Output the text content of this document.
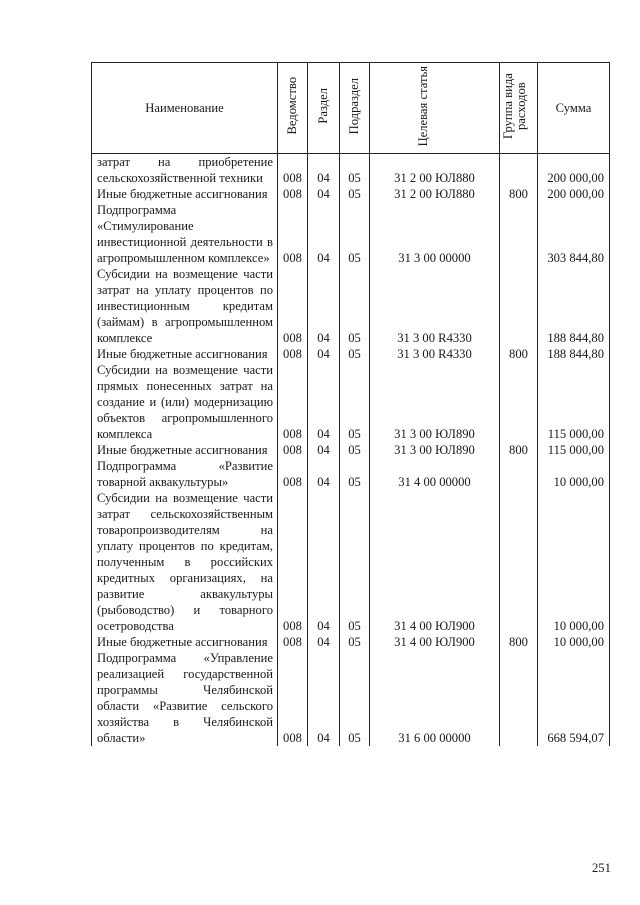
Наименование	Ведомство	Раздел	Подраздел	Целевая статья	Группа вида расходов	Сумма
затрат на приобретение сельскохозяйственной техники	008	04	05	31 2 00 ЮЛ880		200 000,00
Иные бюджетные ассигнования	008	04	05	31 2 00 ЮЛ880	800	200 000,00
Подпрограмма «Стимулирование инвестиционной деятельности в агропромышленном комплексе»	008	04	05	31 3 00 00000		303 844,80
Субсидии на возмещение части затрат на уплату процентов по инвестиционным кредитам (займам) в агропромышленном комплексе	008	04	05	31 3 00 R4330		188 844,80
Иные бюджетные ассигнования	008	04	05	31 3 00 R4330	800	188 844,80
Субсидии на возмещение части прямых понесенных затрат на создание и (или) модернизацию объектов агропромышленного комплекса	008	04	05	31 3 00 ЮЛ890		115 000,00
Иные бюджетные ассигнования	008	04	05	31 3 00 ЮЛ890	800	115 000,00
Подпрограмма «Развитие товарной аквакультуры»	008	04	05	31 4 00 00000		10 000,00
Субсидии на возмещение части затрат сельскохозяйственным товаропроизводителям на уплату процентов по кредитам, полученным в российских кредитных организациях, на развитие аквакультуры (рыбоводство) и товарного осетроводства	008	04	05	31 4 00 ЮЛ900		10 000,00
Иные бюджетные ассигнования	008	04	05	31 4 00 ЮЛ900	800	10 000,00
Подпрограмма «Управление реализацией государственной программы Челябинской области «Развитие сельского хозяйства в Челябинской области»	008	04	05	31 6 00 00000		668 594,07
251
